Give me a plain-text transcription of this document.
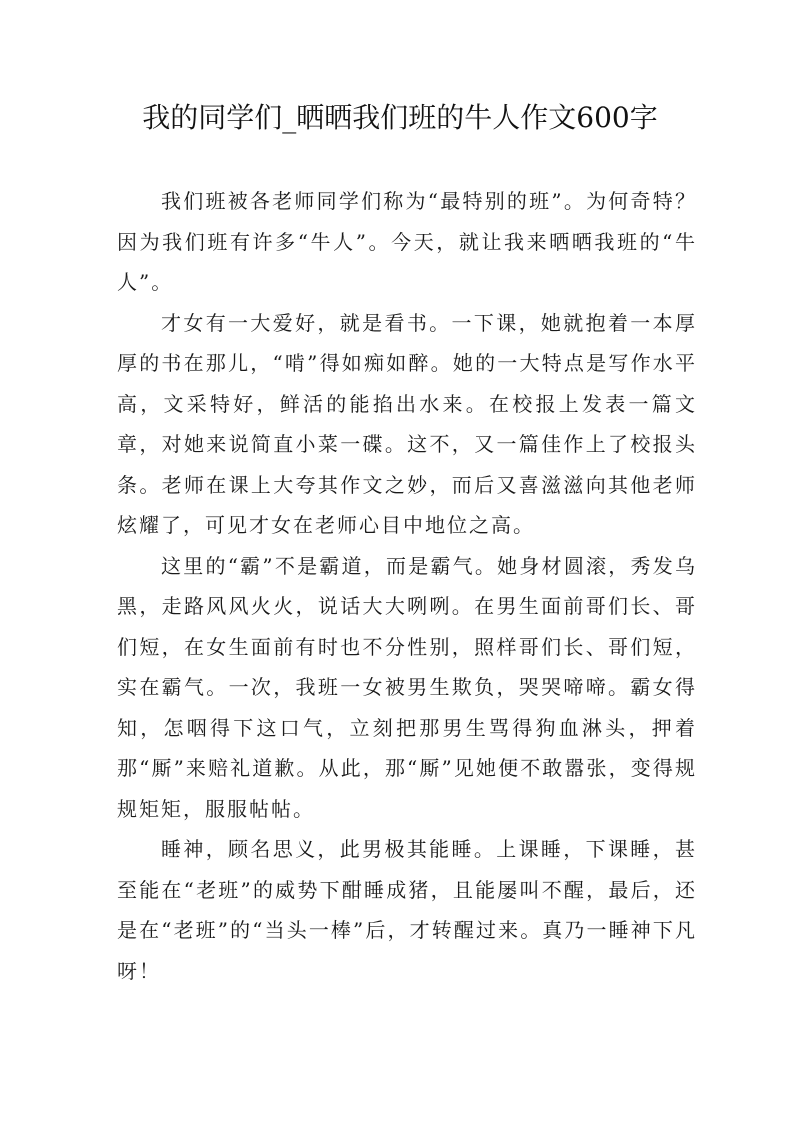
我的同学们_晒晒我们班的牛人作文600字

我们班被各老师同学们称为“最特别的班”。为何奇特？因为我们班有许多“牛人”。今天，就让我来晒晒我班的“牛人”。

才女有一大爱好，就是看书。一下课，她就抱着一本厚厚的书在那儿，“啃”得如痴如醉。她的一大特点是写作水平高，文采特好，鲜活的能掐出水来。在校报上发表一篇文章，对她来说简直小菜一碟。这不，又一篇佳作上了校报头条。老师在课上大夸其作文之妙，而后又喜滋滋向其他老师炫耀了，可见才女在老师心目中地位之高。

这里的“霸”不是霸道，而是霸气。她身材圆滚，秀发乌黑，走路风风火火，说话大大咧咧。在男生面前哥们长、哥们短，在女生面前有时也不分性别，照样哥们长、哥们短，实在霸气。一次，我班一女被男生欺负，哭哭啼啼。霸女得知，怎咽得下这口气，立刻把那男生骂得狗血淋头，押着那“厮”来赔礼道歉。从此，那“厮”见她便不敢嚣张，变得规规矩矩，服服帖帖。

睡神，顾名思义，此男极其能睡。上课睡，下课睡，甚至能在“老班”的威势下酣睡成猪，且能屡叫不醒，最后，还是在“老班”的“当头一棒”后，才转醒过来。真乃一睡神下凡呀！
